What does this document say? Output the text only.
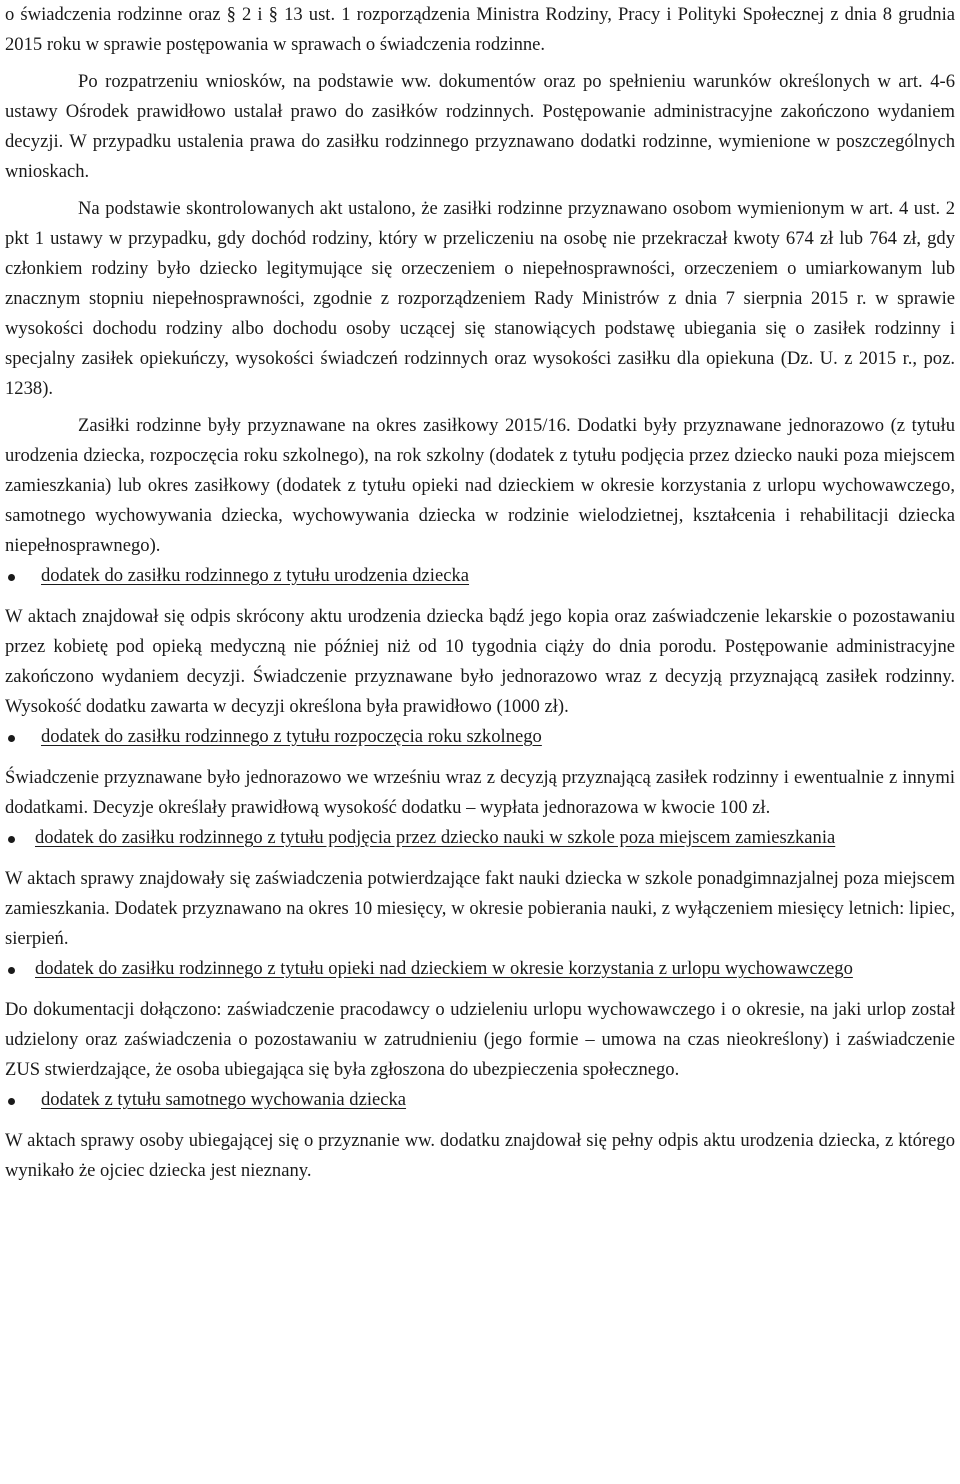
o świadczenia rodzinne oraz § 2 i § 13 ust. 1 rozporządzenia Ministra Rodziny, Pracy i Polityki Społecznej z dnia 8 grudnia 2015 roku w sprawie postępowania w sprawach o świadczenia rodzinne.

Po rozpatrzeniu wniosków, na podstawie ww. dokumentów oraz po spełnieniu warunków określonych w art. 4-6 ustawy Ośrodek prawidłowo ustalał prawo do zasiłków rodzinnych. Postępowanie administracyjne zakończono wydaniem decyzji. W przypadku ustalenia prawa do zasiłku rodzinnego przyznawano dodatki rodzinne, wymienione w poszczególnych wnioskach.

Na podstawie skontrolowanych akt ustalono, że zasiłki rodzinne przyznawano osobom wymienionym w art. 4 ust. 2 pkt 1 ustawy w przypadku, gdy dochód rodziny, który w przeliczeniu na osobę nie przekraczał kwoty 674 zł lub 764 zł, gdy członkiem rodziny było dziecko legitymujące się orzeczeniem o niepełnosprawności, orzeczeniem o umiarkowanym lub znacznym stopniu niepełnosprawności, zgodnie z rozporządzeniem Rady Ministrów z dnia 7 sierpnia 2015 r. w sprawie wysokości dochodu rodziny albo dochodu osoby uczącej się stanowiących podstawę ubiegania się o zasiłek rodzinny i specjalny zasiłek opiekuńczy, wysokości świadczeń rodzinnych oraz wysokości zasiłku dla opiekuna (Dz. U. z 2015 r., poz. 1238).

Zasiłki rodzinne były przyznawane na okres zasiłkowy 2015/16. Dodatki były przyznawane jednorazowo (z tytułu urodzenia dziecka, rozpoczęcia roku szkolnego), na rok szkolny (dodatek z tytułu podjęcia przez dziecko nauki poza miejscem zamieszkania) lub okres zasiłkowy (dodatek z tytułu opieki nad dzieckiem w okresie korzystania z urlopu wychowawczego, samotnego wychowywania dziecka, wychowywania dziecka w rodzinie wielodzietnej, kształcenia i rehabilitacji dziecka niepełnosprawnego).

dodatek do zasiłku rodzinnego z tytułu urodzenia dziecka

W aktach znajdował się odpis skrócony aktu urodzenia dziecka bądź jego kopia oraz zaświadczenie lekarskie o pozostawaniu przez kobietę pod opieką medyczną nie później niż od 10 tygodnia ciąży do dnia porodu. Postępowanie administracyjne zakończono wydaniem decyzji. Świadczenie przyznawane było jednorazowo wraz z decyzją przyznającą zasiłek rodzinny. Wysokość dodatku zawarta w decyzji określona była prawidłowo (1000 zł).

dodatek do zasiłku rodzinnego z tytułu rozpoczęcia roku szkolnego

Świadczenie przyznawane było jednorazowo we wrześniu wraz z decyzją przyznającą zasiłek rodzinny i ewentualnie z innymi dodatkami. Decyzje określały prawidłową wysokość dodatku – wypłata jednorazowa w kwocie 100 zł.

dodatek do zasiłku rodzinnego z tytułu podjęcia przez dziecko nauki w szkole poza miejscem zamieszkania

W aktach sprawy znajdowały się zaświadczenia potwierdzające fakt nauki dziecka w szkole ponadgimnazjalnej poza miejscem zamieszkania. Dodatek przyznawano na okres 10 miesięcy, w okresie pobierania nauki, z wyłączeniem miesięcy letnich: lipiec, sierpień.

dodatek do zasiłku rodzinnego z tytułu opieki nad dzieckiem w okresie korzystania z urlopu wychowawczego

Do dokumentacji dołączono: zaświadczenie pracodawcy o udzieleniu urlopu wychowawczego i o okresie, na jaki urlop został udzielony oraz zaświadczenia o pozostawaniu w zatrudnieniu (jego formie – umowa na czas nieokreślony) i zaświadczenie ZUS stwierdzające, że osoba ubiegająca się była zgłoszona do ubezpieczenia społecznego.

dodatek z tytułu samotnego wychowania dziecka

W aktach sprawy osoby ubiegającej się o przyznanie ww. dodatku znajdował się pełny odpis aktu urodzenia dziecka, z którego wynikało że ojciec dziecka jest nieznany.
